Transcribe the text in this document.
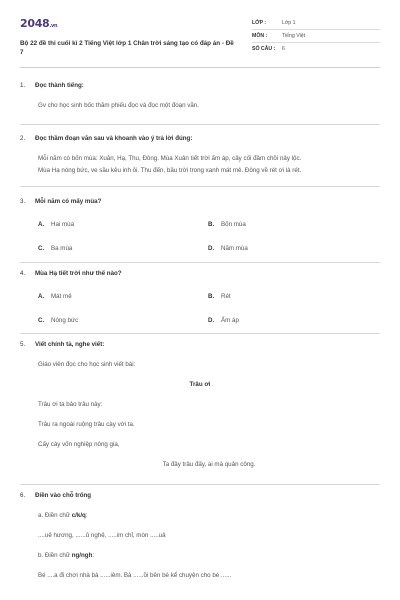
2048.vn
Bộ 22 đề thi cuối kì 2 Tiếng Việt lớp 1 Chân trời sáng tạo có đáp án - Đề 7
LỚP :	Lớp 1
MÔN :	Tiếng Việt
SỐ CÂU :	6
1.	Đọc thành tiếng:
Gv cho học sinh bốc thăm phiếu đọc và đọc một đoạn văn.
2.	Đọc thầm đoạn văn sau và khoanh vào ý trả lời đúng:
Mỗi năm có bốn mùa: Xuân, Hạ, Thu, Đông. Mùa Xuân tiết trời ấm áp, cây cối đâm chồi nảy lộc.
Mùa Hạ nóng bức, ve sầu kêu inh ỏi. Thu đến, bầu trời trong xanh mát mẻ. Đông về rét ơi là rét.
3.	Mỗi năm có mấy mùa?
A.	Hai mùa	B.	Bốn mùa
C.	Ba mùa	D.	Năm mùa
4.	Mùa Hạ tiết trời như thế nào?
A.	Mát mẻ	B.	Rét
C.	Nóng bức	D.	Ấm áp
5.	Viết chính tả, nghe viết:
Giáo viên đọc cho học sinh viết bài:
Trâu ơi
Trâu ơi ta bảo trâu này:
Trâu ra ngoài ruộng trâu cày với ta.
Cấy cày vốn nghiệp nông gia,
Ta đây trâu đấy, ai mà quản công.
6.	Điền vào chỗ trống
a. Điền chữ c/k/q:
....uê hương, ......ủ nghệ, .....im chỉ, mòn .....uả
b. Điền chữ ng/ngh:
Bé ....a đi chơi nhà bà ......iêm. Bà ......ồi bên bé kể chuyện cho bé ......
